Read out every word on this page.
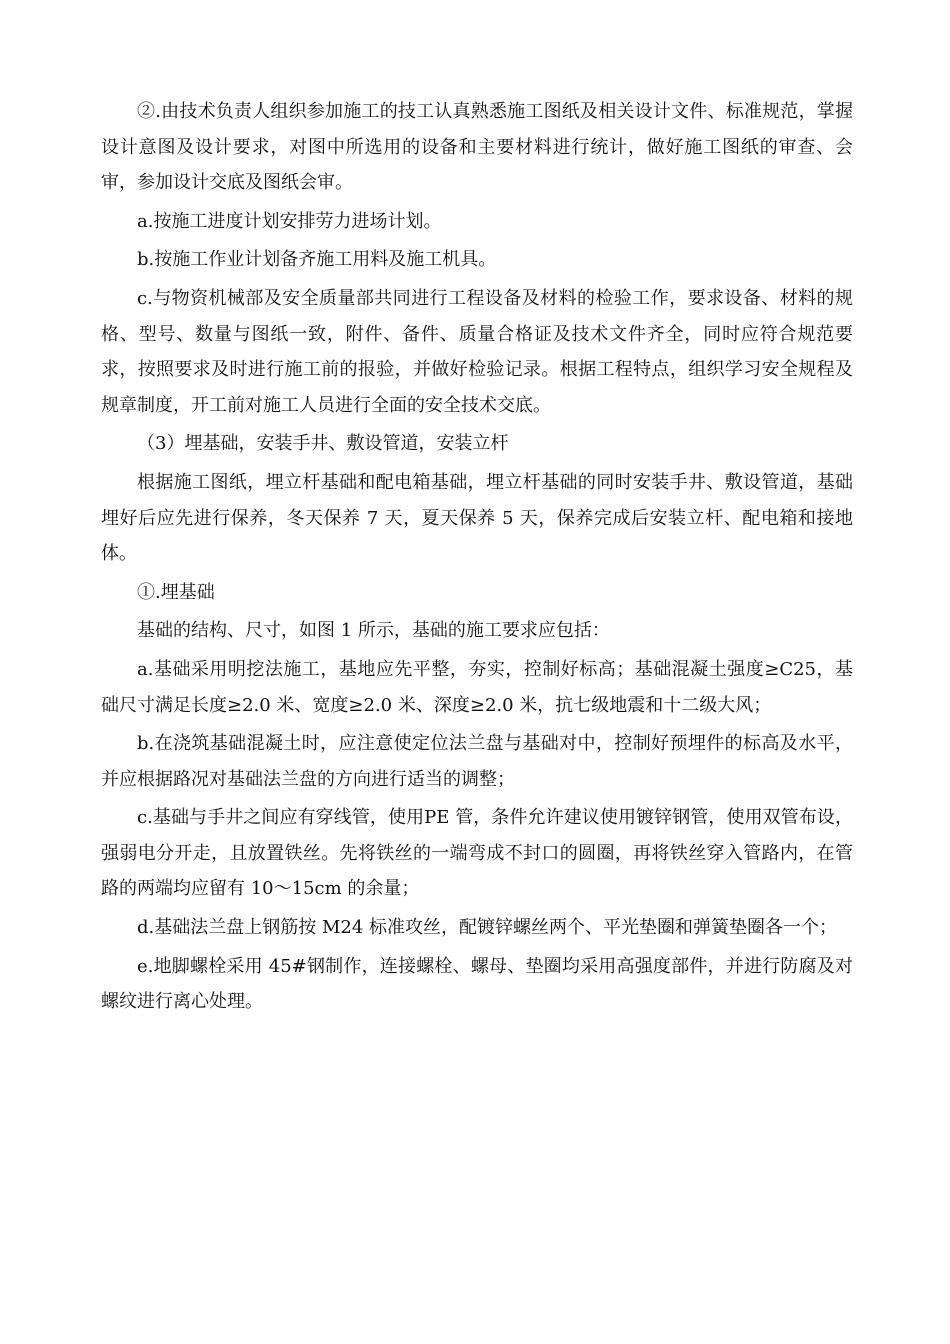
②.由技术负责人组织参加施工的技工认真熟悉施工图纸及相关设计文件、标准规范，掌握设计意图及设计要求，对图中所选用的设备和主要材料进行统计，做好施工图纸的审查、会审，参加设计交底及图纸会审。

a.按施工进度计划安排劳力进场计划。

b.按施工作业计划备齐施工用料及施工机具。

c.与物资机械部及安全质量部共同进行工程设备及材料的检验工作，要求设备、材料的规格、型号、数量与图纸一致，附件、备件、质量合格证及技术文件齐全，同时应符合规范要求，按照要求及时进行施工前的报验，并做好检验记录。根据工程特点，组织学习安全规程及规章制度，开工前对施工人员进行全面的安全技术交底。

（3）埋基础，安装手井、敷设管道，安装立杆

根据施工图纸，埋立杆基础和配电箱基础，埋立杆基础的同时安装手井、敷设管道，基础埋好后应先进行保养，冬天保养 7 天，夏天保养 5 天，保养完成后安装立杆、配电箱和接地体。

①.埋基础

基础的结构、尺寸，如图 1 所示，基础的施工要求应包括：

a.基础采用明挖法施工，基地应先平整，夯实，控制好标高；基础混凝土强度≥C25，基础尺寸满足长度≥2.0 米、宽度≥2.0 米、深度≥2.0 米，抗七级地震和十二级大风；

b.在浇筑基础混凝土时，应注意使定位法兰盘与基础对中，控制好预埋件的标高及水平，并应根据路况对基础法兰盘的方向进行适当的调整；

c.基础与手井之间应有穿线管，使用PE 管，条件允许建议使用镀锌钢管，使用双管布设，强弱电分开走，且放置铁丝。先将铁丝的一端弯成不封口的圆圈，再将铁丝穿入管路内，在管路的两端均应留有 10～15cm 的余量；

d.基础法兰盘上钢筋按 M24 标准攻丝，配镀锌螺丝两个、平光垫圈和弹簧垫圈各一个；

e.地脚螺栓采用 45#钢制作，连接螺栓、螺母、垫圈均采用高强度部件，并进行防腐及对螺纹进行离心处理。
